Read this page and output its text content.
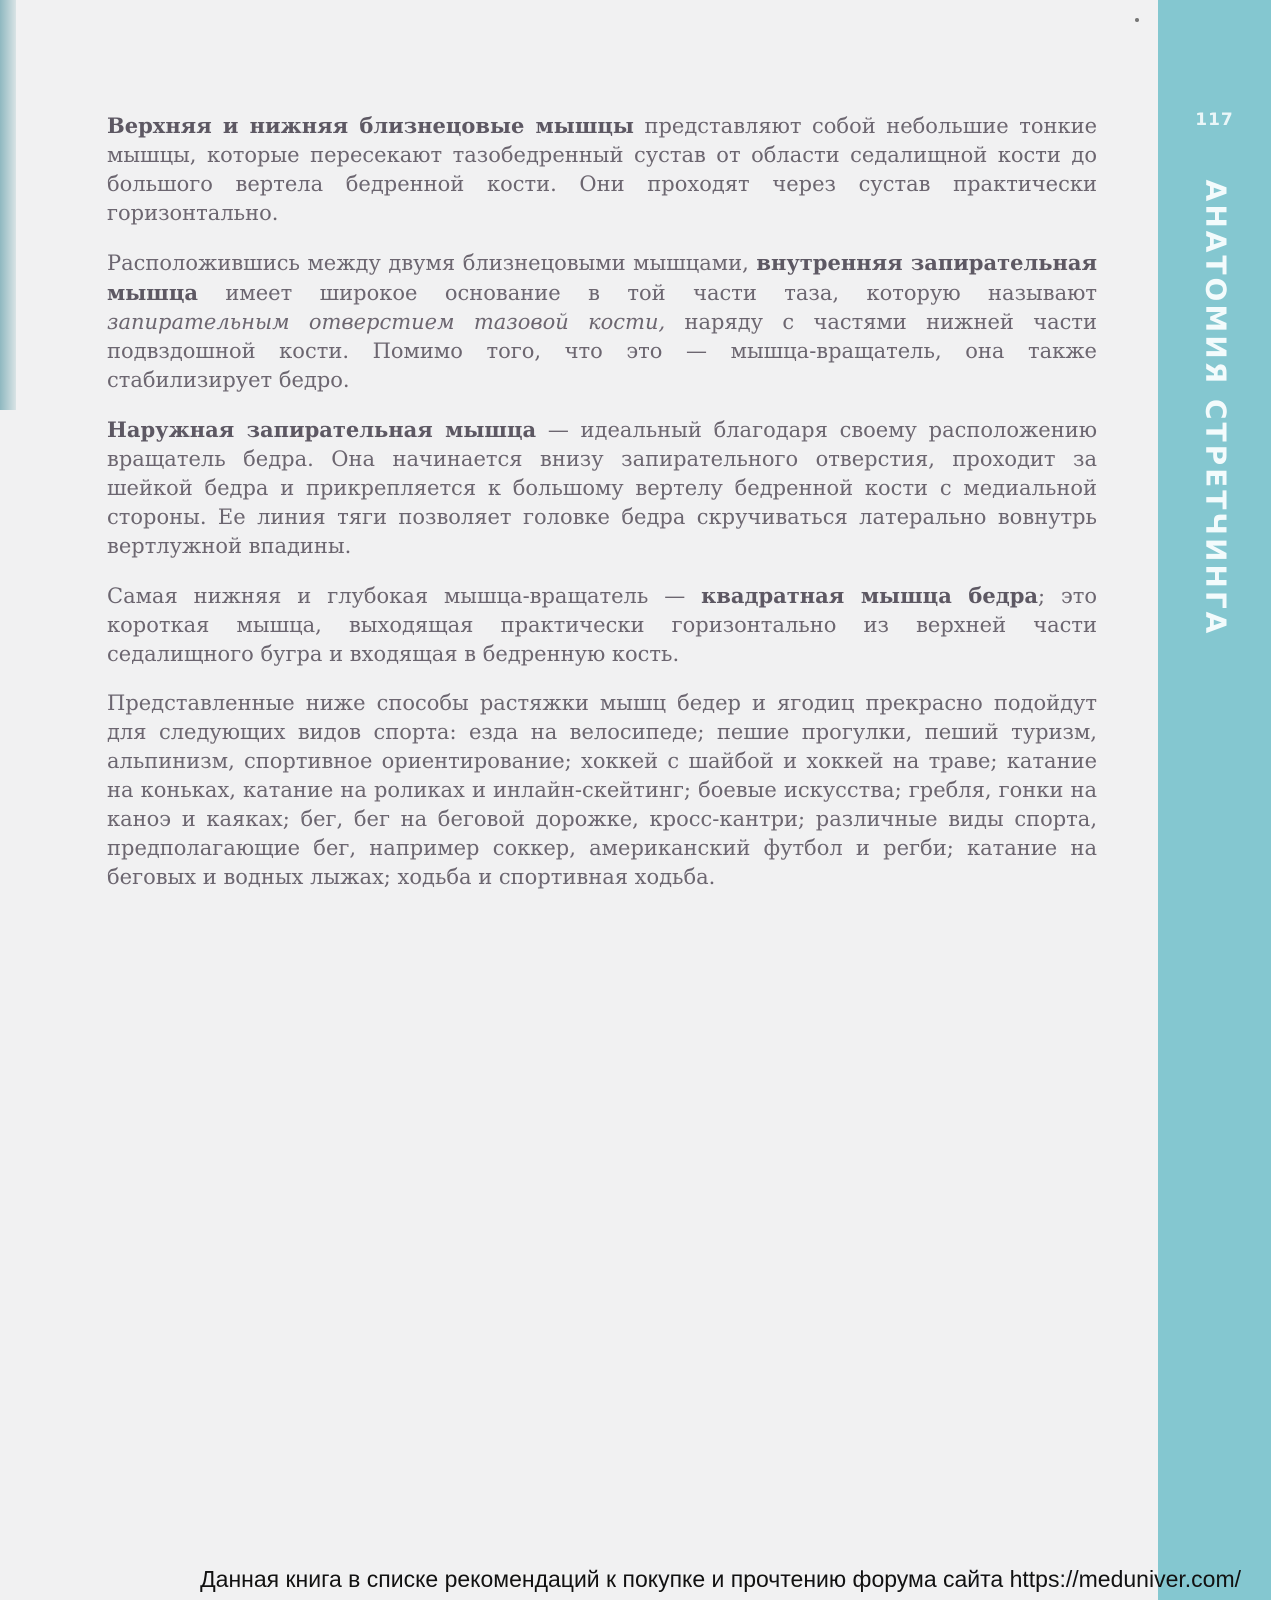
117
АНАТОМИЯ СТРЕТЧИНГА

Верхняя и нижняя близнецовые мышцы представляют собой небольшие тонкие мышцы, которые пересекают тазобедренный сустав от области седалищной кости до большого вертела бедренной кости. Они проходят через сустав практически горизонтально.

Расположившись между двумя близнецовыми мышцами, внутренняя запирательная мышца имеет широкое основание в той части таза, которую называют запирательным отверстием тазовой кости, наряду с частями нижней части подвздошной кости. Помимо того, что это — мышца-вращатель, она также стабилизирует бедро.

Наружная запирательная мышца — идеальный благодаря своему расположению вращатель бедра. Она начинается внизу запирательного отверстия, проходит за шейкой бедра и прикрепляется к большому вертелу бедренной кости с медиальной стороны. Ее линия тяги позволяет головке бедра скручиваться латерально вовнутрь вертлужной впадины.

Самая нижняя и глубокая мышца-вращатель — квадратная мышца бедра; это короткая мышца, выходящая практически горизонтально из верхней части седалищного бугра и входящая в бедренную кость.

Представленные ниже способы растяжки мышц бедер и ягодиц прекрасно подойдут для следующих видов спорта: езда на велосипеде; пешие прогулки, пеший туризм, альпинизм, спортивное ориентирование; хоккей с шайбой и хоккей на траве; катание на коньках, катание на роликах и инлайн-скейтинг; боевые искусства; гребля, гонки на каноэ и каяках; бег, бег на беговой дорожке, кросс-кантри; различные виды спорта, предполагающие бег, например соккер, американский футбол и регби; катание на беговых и водных лыжах; ходьба и спортивная ходьба.

Данная книга в списке рекомендаций к покупке и прочтению форума сайта https://meduniver.com/
